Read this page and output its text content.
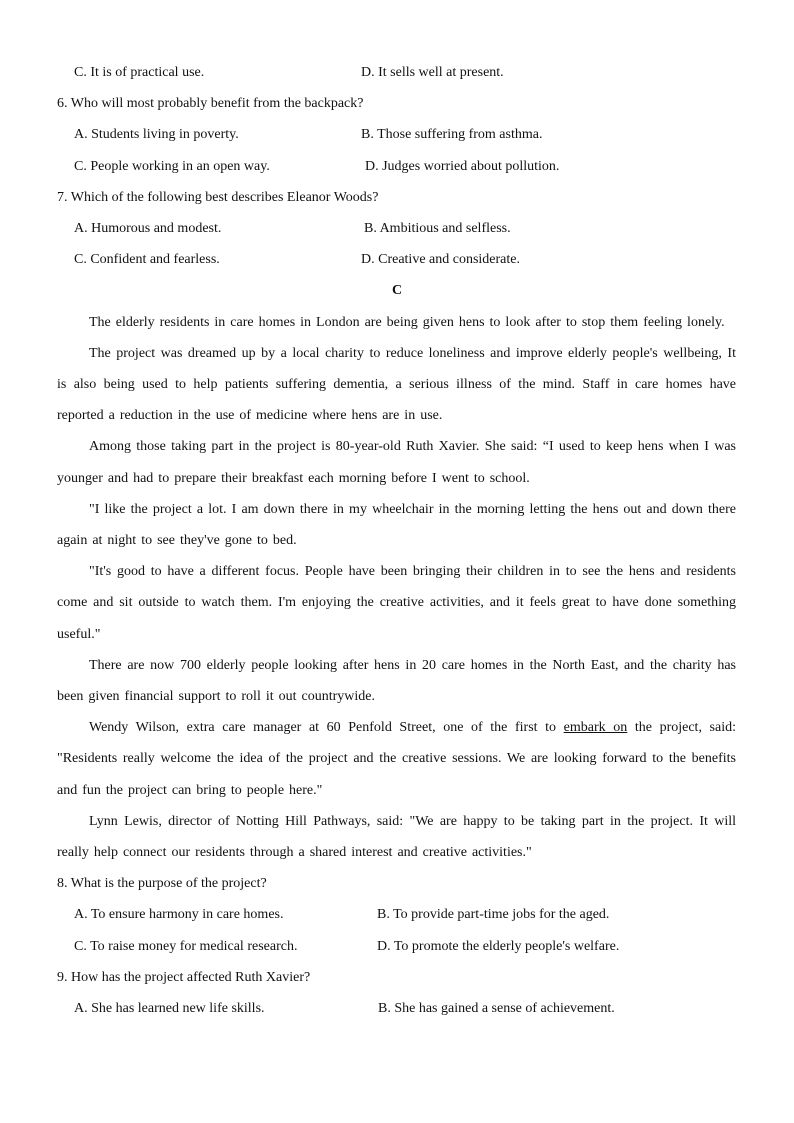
C. It is of practical use.	D. It sells well at present.
6. Who will most probably benefit from the backpack?
A. Students living in poverty.	B. Those suffering from asthma.
C. People working in an open way.	D. Judges worried about pollution.
7. Which of the following best describes Eleanor Woods?
A. Humorous and modest.	B. Ambitious and selfless.
C. Confident and fearless.	D. Creative and considerate.
C
The elderly residents in care homes in London are being given hens to look after to stop them feeling lonely.
The project was dreamed up by a local charity to reduce loneliness and improve elderly people's wellbeing, It is also being used to help patients suffering dementia, a serious illness of the mind. Staff in care homes have reported a reduction in the use of medicine where hens are in use.
Among those taking part in the project is 80-year-old Ruth Xavier. She said: “I used to keep hens when I was younger and had to prepare their breakfast each morning before I went to school.
"I like the project a lot. I am down there in my wheelchair in the morning letting the hens out and down there again at night to see they've gone to bed.
"It's good to have a different focus. People have been bringing their children in to see the hens and residents come and sit outside to watch them. I'm enjoying the creative activities, and it feels great to have done something useful."
There are now 700 elderly people looking after hens in 20 care homes in the North East, and the charity has been given financial support to roll it out countrywide.
Wendy Wilson, extra care manager at 60 Penfold Street, one of the first to embark on the project, said: "Residents really welcome the idea of the project and the creative sessions. We are looking forward to the benefits and fun the project can bring to people here."
Lynn Lewis, director of Notting Hill Pathways, said: "We are happy to be taking part in the project. It will really help connect our residents through a shared interest and creative activities."
8. What is the purpose of the project?
A. To ensure harmony in care homes.	B. To provide part-time jobs for the aged.
C. To raise money for medical research.	D. To promote the elderly people's welfare.
9. How has the project affected Ruth Xavier?
A. She has learned new life skills.	B. She has gained a sense of achievement.
